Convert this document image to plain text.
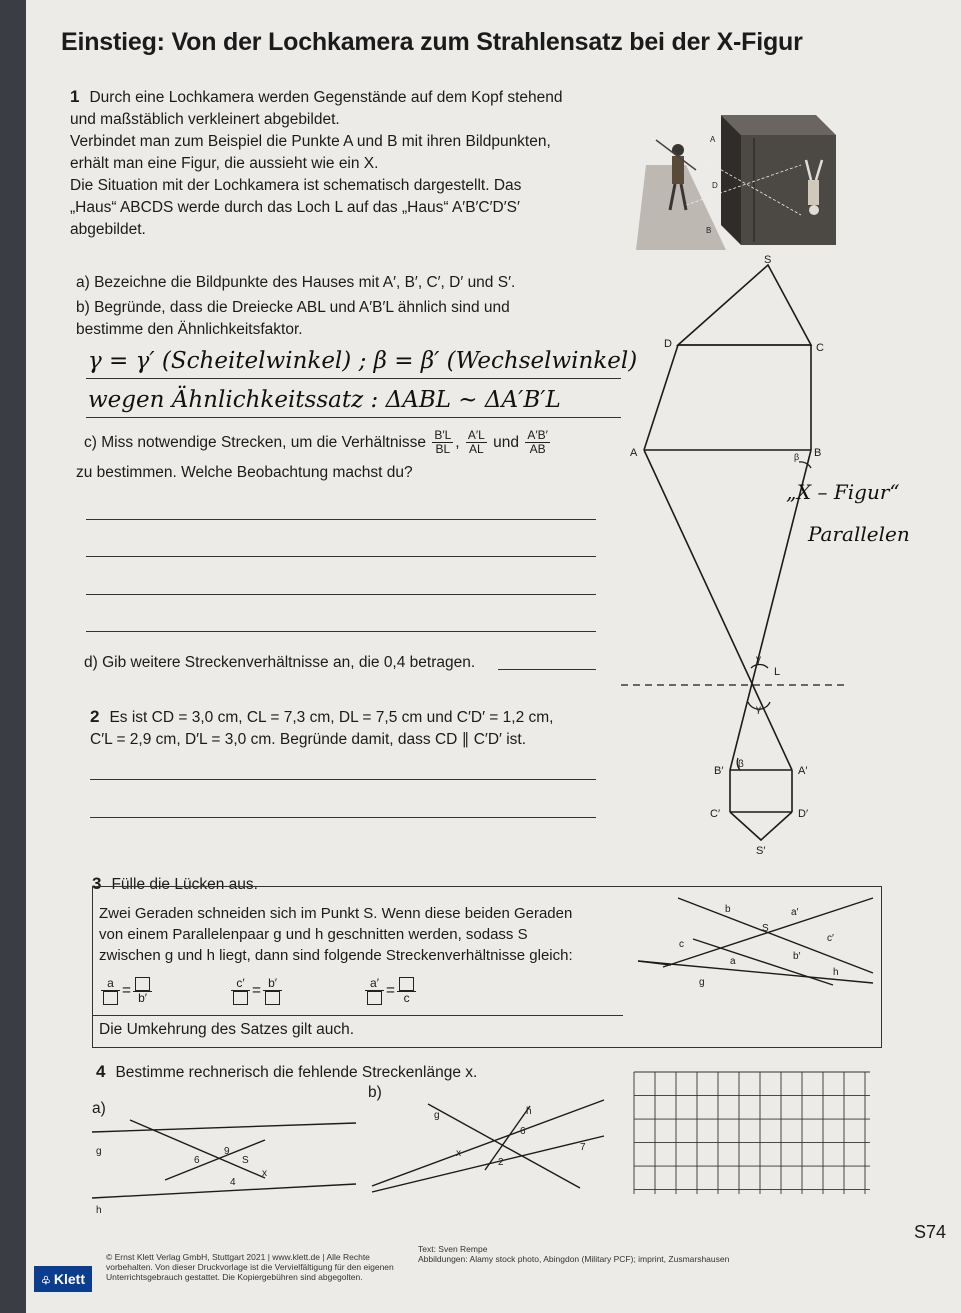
Einstieg: Von der Lochkamera zum Strahlensatz bei der X-Figur
1 Durch eine Lochkamera werden Gegenstände auf dem Kopf stehend
und maßstäblich verkleinert abgebildet.
Verbindet man zum Beispiel die Punkte A und B mit ihren Bildpunkten,
erhält man eine Figur, die aussieht wie ein X.
Die Situation mit der Lochkamera ist schematisch dargestellt. Das
„Haus“ ABCDS werde durch das Loch L auf das „Haus“ A′B′C′D′S′
abgebildet.
A
D
B
a) Bezeichne die Bildpunkte des Hauses mit A′, B′, C′, D′ und S′.
b) Begründe, dass die Dreiecke ABL und A′B′L ähnlich sind und
bestimme den Ähnlichkeitsfaktor.
γ = γ′ (Scheitelwinkel) ; β = β′ (Wechselwinkel)
wegen Ähnlichkeitssatz : ΔABL ~ ΔA′B′L
c) Miss notwendige Strecken, um die Verhältnisse $\frac{B'L}{BL}$ , $\frac{A'L}{AL}$ und $\frac{A'B'}{AB}$
zu bestimmen. Welche Beobachtung machst du?
d) Gib weitere Streckenverhältnisse an, die 0,4 betragen.
2 Es ist CD = 3,0 cm, CL = 7,3 cm, DL = 7,5 cm und C′D′ = 1,2 cm,
C′L = 2,9 cm, D′L = 3,0 cm. Begründe damit, dass CD ∥ C′D′ ist.
S
C
D
A	B
β
γ
L
γ
β
B′	A′
C′	D′
S′
„X – Figur“
Parallelen
3 Fülle die Lücken aus.
Zwei Geraden schneiden sich im Punkt S. Wenn diese beiden Geraden
von einem Parallelenpaar g und h geschnitten werden, sodass S
zwischen g und h liegt, dann sind folgende Streckenverhältnisse gleich:
a = b′
c′ = b′	a′ = c
Die Umkehrung des Satzes gilt auch.
b	a′
S
c
c′
a	b′
g
h
4 Bestimme rechnerisch die fehlende Streckenlänge x.
a)
b)
g
h
6
9
S
x
4
g	h
6
x
2
7
S74
♧ Klett
© Ernst Klett Verlag GmbH, Stuttgart 2021 | www.klett.de | Alle Rechte
vorbehalten. Von dieser Druckvorlage ist die Vervielfältigung für den eigenen
Unterrichtsgebrauch gestattet. Die Kopiergebühren sind abgegolten.
Text: Sven Rempe
Abbildungen: Alamy stock photo, Abingdon (Military PCF); imprint, Zusmarshausen
